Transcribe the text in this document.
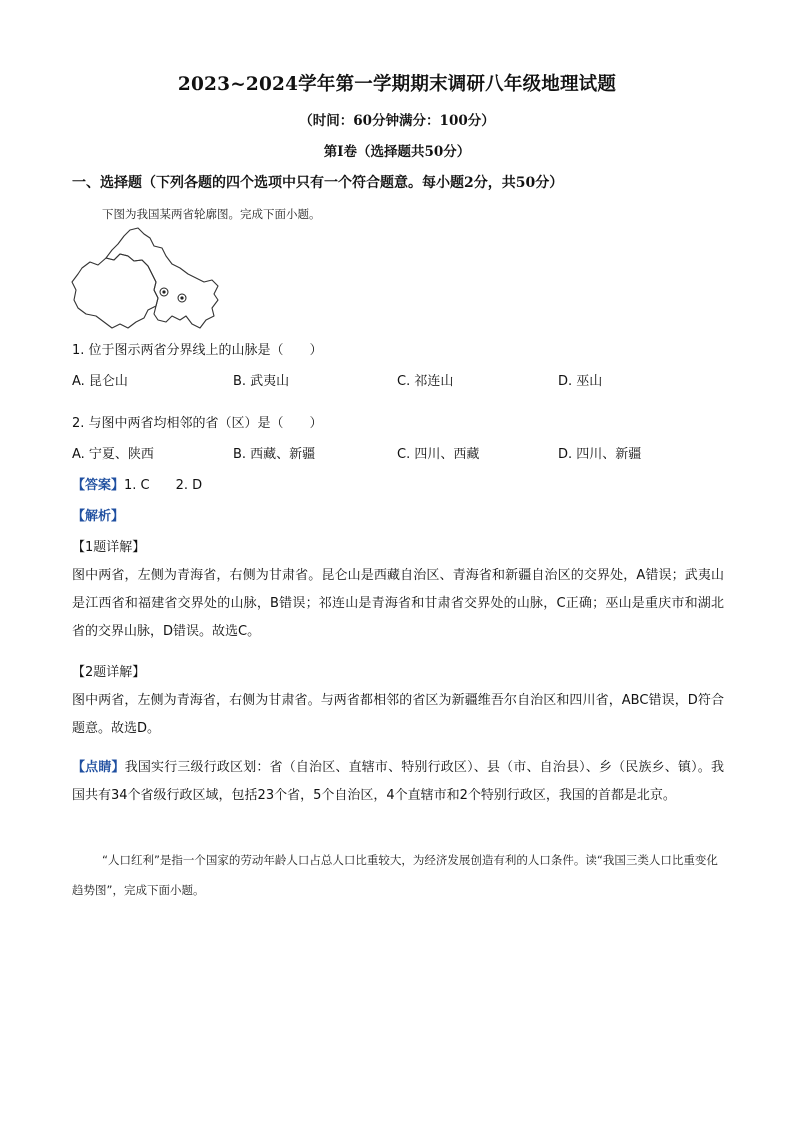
2023~2024学年第一学期期末调研八年级地理试题
（时间：60分钟满分：100分）
第Ⅰ卷（选择题共50分）
一、选择题（下列各题的四个选项中只有一个符合题意。每小题2分，共50分）
下图为我国某两省轮廓图。完成下面小题。
1. 位于图示两省分界线上的山脉是（　　）
A. 昆仑山	B. 武夷山	C. 祁连山	D. 巫山
2. 与图中两省均相邻的省（区）是（　　）
A. 宁夏、陕西	B. 西藏、新疆	C. 四川、西藏	D. 四川、新疆
【答案】1. C　　2. D
【解析】
【1题详解】
图中两省，左侧为青海省，右侧为甘肃省。昆仑山是西藏自治区、青海省和新疆自治区的交界处，A错误；武夷山是江西省和福建省交界处的山脉，B错误；祁连山是青海省和甘肃省交界处的山脉，C正确；巫山是重庆市和湖北省的交界山脉，D错误。故选C。
【2题详解】
图中两省，左侧为青海省，右侧为甘肃省。与两省都相邻的省区为新疆维吾尔自治区和四川省，ABC错误，D符合题意。故选D。
【点睛】我国实行三级行政区划：省（自治区、直辖市、特别行政区）、县（市、自治县）、乡（民族乡、镇）。我国共有34个省级行政区域，包括23个省，5个自治区，4个直辖市和2个特别行政区，我国的首都是北京。
“人口红利”是指一个国家的劳动年龄人口占总人口比重较大，为经济发展创造有利的人口条件。读“我国三类人口比重变化趋势图”，完成下面小题。
